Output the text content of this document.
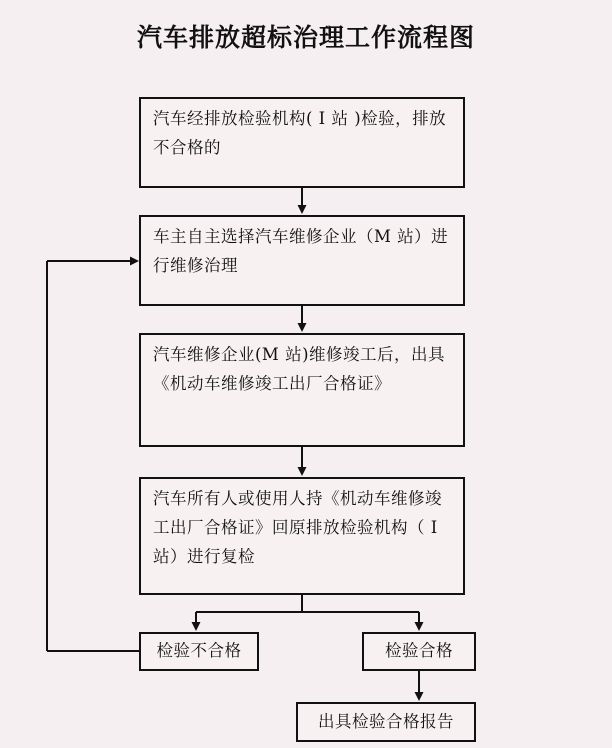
汽车排放超标治理工作流程图
汽车经排放检验机构( I 站 )检验，排放不合格的
车主自主选择汽车维修企业（M 站）进行维修治理
汽车维修企业(M 站)维修竣工后，出具《机动车维修竣工出厂合格证》
汽车所有人或使用人持《机动车维修竣工出厂合格证》回原排放检验机构（ I 站）进行复检
检验不合格	检验合格
出具检验合格报告
